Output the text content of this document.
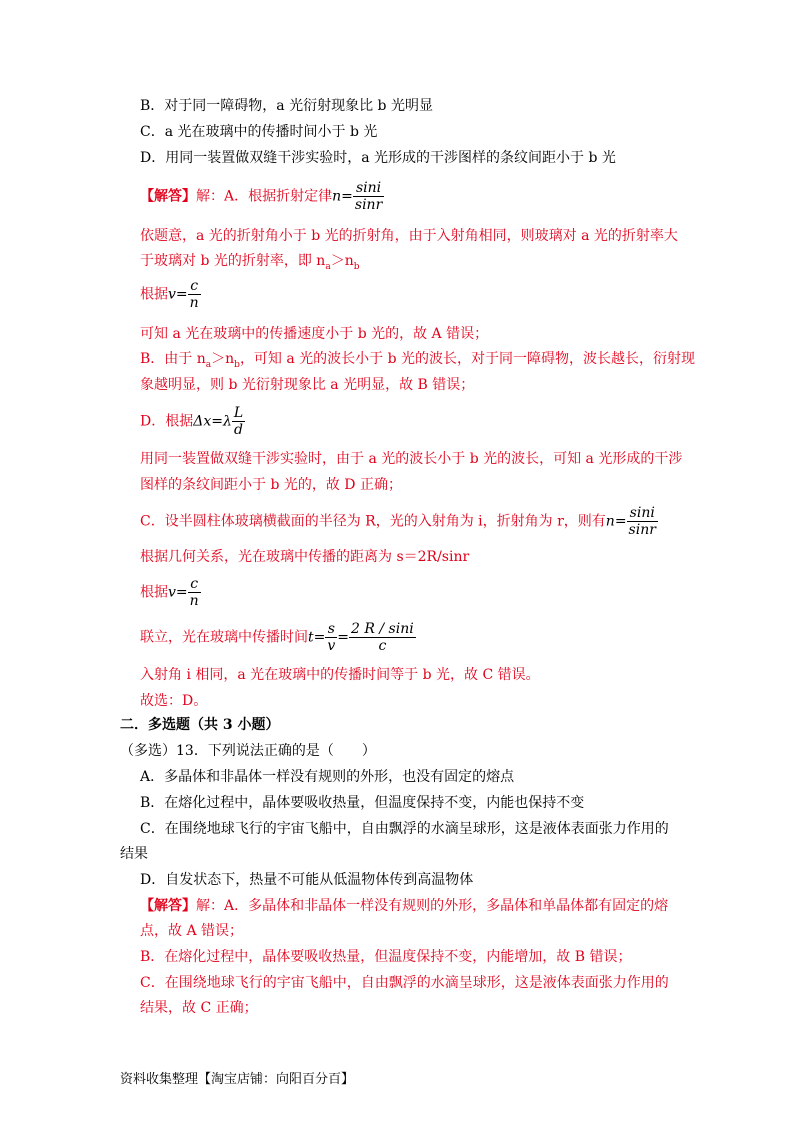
B．对于同一障碍物，a 光衍射现象比 b 光明显
C．a 光在玻璃中的传播时间小于 b 光
D．用同一装置做双缝干涉实验时，a 光形成的干涉图样的条纹间距小于 b 光
【解答】解：A．根据折射定律$n= \frac{\sin i}{\sin r}$
依题意，a 光的折射角小于 b 光的折射角，由于入射角相同，则玻璃对 a 光的折射率大
于玻璃对 b 光的折射率，即 $n_a>n_b$
根据$v= \frac{c}{n}$
可知 a 光在玻璃中的传播速度小于 b 光的，故 A 错误；
B．由于 $n_a>n_b$，可知 a 光的波长小于 b 光的波长，对于同一障碍物，波长越长，衍射现
象越明显，则 b 光衍射现象比 a 光明显，故 B 错误；
D．根据$\Delta x=\lambda \frac{L}{d}$
用同一装置做双缝干涉实验时，由于 a 光的波长小于 b 光的波长，可知 a 光形成的干涉
图样的条纹间距小于 b 光的，故 D 正确；
C．设半圆柱体玻璃横截面的半径为 R，光的入射角为 i，折射角为 r，则有$n= \frac{\sin i}{\sin r}$
根据几何关系，光在玻璃中传播的距离为 s＝2R/sinr
根据$v= \frac{c}{n}$
联立，光在玻璃中传播时间$t= \frac{s}{v} = \frac{2 R / \sin i}{c}$
入射角 i 相同，a 光在玻璃中的传播时间等于 b 光，故 C 错误。
故选：D。
二．多选题（共 3 小题）
（多选）13．下列说法正确的是（　　）
A．多晶体和非晶体一样没有规则的外形，也没有固定的熔点
B．在熔化过程中，晶体要吸收热量，但温度保持不变，内能也保持不变
C．在围绕地球飞行的宇宙飞船中，自由飘浮的水滴呈球形，这是液体表面张力作用的
结果
D．自发状态下，热量不可能从低温物体传到高温物体
【解答】解：A．多晶体和非晶体一样没有规则的外形，多晶体和单晶体都有固定的熔
点，故 A 错误；
B．在熔化过程中，晶体要吸收热量，但温度保持不变，内能增加，故 B 错误；
C．在围绕地球飞行的宇宙飞船中，自由飘浮的水滴呈球形，这是液体表面张力作用的
结果，故 C 正确；
资料收集整理【淘宝店铺：向阳百分百】
